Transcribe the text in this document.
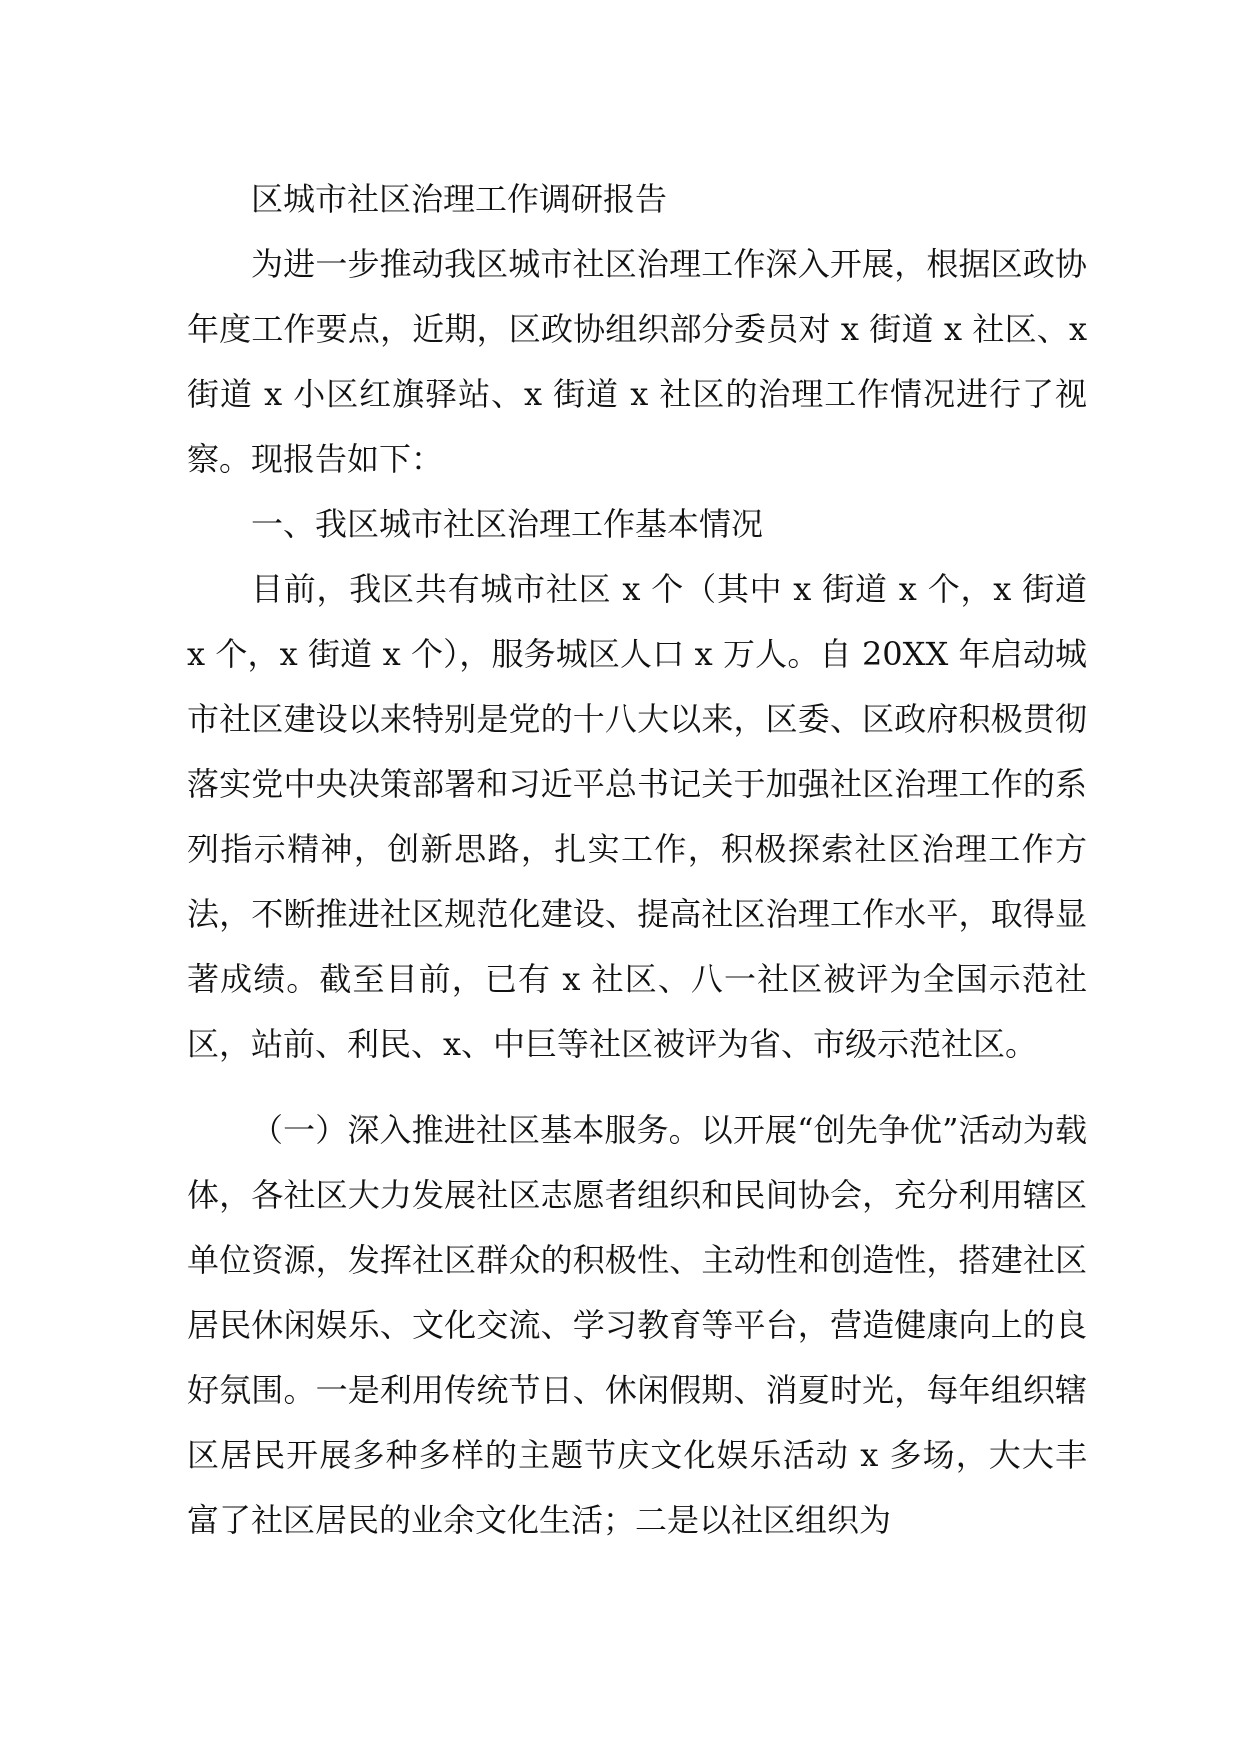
区城市社区治理工作调研报告

为进一步推动我区城市社区治理工作深入开展，根据区政协年度工作要点，近期，区政协组织部分委员对 x 街道 x 社区、x 街道 x 小区红旗驿站、x 街道 x 社区的治理工作情况进行了视察。现报告如下：

一、我区城市社区治理工作基本情况

目前，我区共有城市社区 x 个（其中 x 街道 x 个，x 街道 x 个，x 街道 x 个），服务城区人口 x 万人。自 20XX 年启动城市社区建设以来特别是党的十八大以来，区委、区政府积极贯彻落实党中央决策部署和习近平总书记关于加强社区治理工作的系列指示精神，创新思路，扎实工作，积极探索社区治理工作方法，不断推进社区规范化建设、提高社区治理工作水平，取得显著成绩。截至目前，已有 x 社区、八一社区被评为全国示范社区，站前、利民、x、中巨等社区被评为省、市级示范社区。

（一）深入推进社区基本服务。以开展“创先争优”活动为载体，各社区大力发展社区志愿者组织和民间协会，充分利用辖区单位资源，发挥社区群众的积极性、主动性和创造性，搭建社区居民休闲娱乐、文化交流、学习教育等平台，营造健康向上的良好氛围。一是利用传统节日、休闲假期、消夏时光，每年组织辖区居民开展多种多样的主题节庆文化娱乐活动 x 多场，大大丰富了社区居民的业余文化生活；二是以社区组织为
